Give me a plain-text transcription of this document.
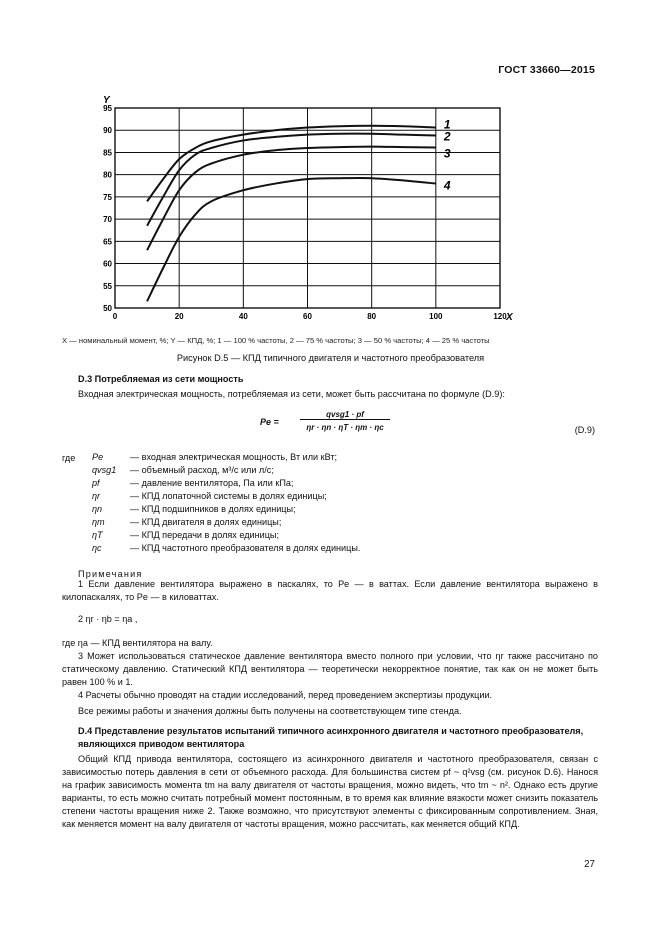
ГОСТ 33660—2015
50
55
60
65
70
75
80
85
90
95
0	20	40	60	80	100	120
1
2
3
4
Y
X
X — номинальный момент, %; Y — КПД, %; 1 — 100 % частоты, 2 — 75 % частоты; 3 — 50 % частоты; 4 — 25 % частоты
Рисунок D.5 — КПД типичного двигателя и частотного преобразователя
D.3 Потребляемая из сети мощность
Входная электрическая мощность, потребляемая из сети, может быть рассчитана по формуле (D.9):
Pe =
qvsg1 · pf
ηr · ηn · ηT · ηm · ηc	(D.9)
где Pe	— входная электрическая мощность, Вт или кВт;
qvsg1	— объемный расход, м³/с или л/с;
pf	— давление вентилятора, Па или кПа;
ηr	— КПД лопаточной системы в долях единицы;
ηn	— КПД подшипников в долях единицы;
ηm	— КПД двигателя в долях единицы;
ηT	— КПД передачи в долях единицы;
ηc	— КПД частотного преобразователя в долях единицы.
Примечания
1 Если давление вентилятора выражено в паскалях, то Pe — в ваттах. Если давление вентилятора выражено в килопаскалях, то Pe — в киловаттах.
2 ηr · ηb = ηa ,
где ηa — КПД вентилятора на валу.
3 Может использоваться статическое давление вентилятора вместо полного при условии, что ηr также рассчитано по статическому давлению. Статический КПД вентилятора — теоретически некорректное понятие, так как он не может быть равен 100 % и 1.
4 Расчеты обычно проводят на стадии исследований, перед проведением экспертизы продукции.
Все режимы работы и значения должны быть получены на соответствующем типе стенда.
D.4 Представление результатов испытаний типичного асинхронного двигателя и частотного преобразователя, являющихся приводом вентилятора
Общий КПД привода вентилятора, состоящего из асинхронного двигателя и частотного преобразователя, связан с зависимостью потерь давления в сети от объемного расхода. Для большинства систем pf ~ q²vsg (см. рисунок D.6). Нанося на график зависимость момента tm на валу двигателя от частоты вращения, можно видеть, что tm ~ n². Однако есть другие варианты, то есть можно считать потребный момент постоянным, в то время как влияние вязкости может снизить показатель степени частоты вращения ниже 2. Также возможно, что присутствуют элементы с фиксированным сопротивлением. Зная, как меняется момент на валу двигателя от частоты вращения, можно рассчитать, как меняется общий КПД.
27
